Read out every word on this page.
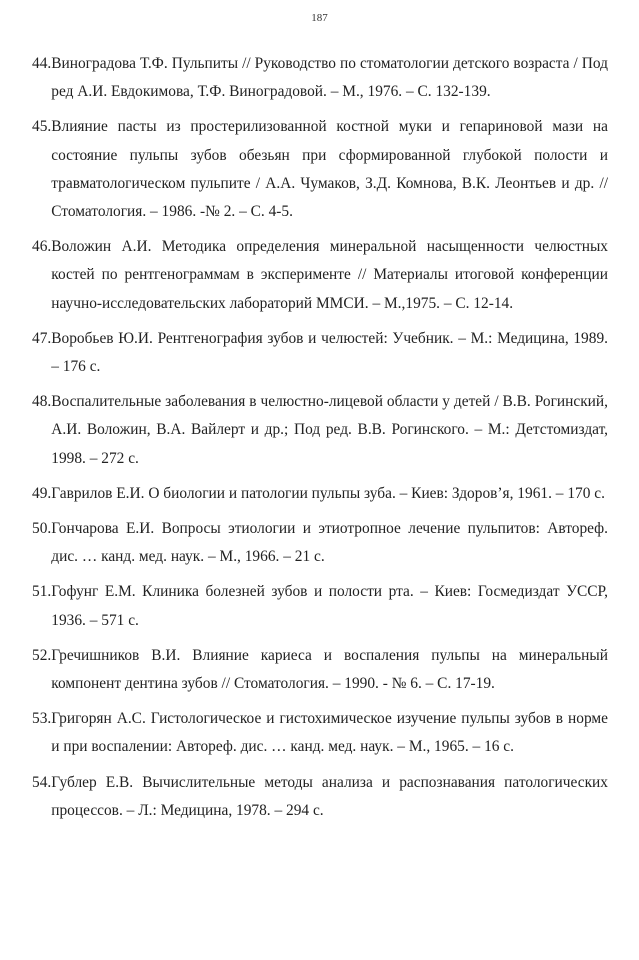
187
44. Виноградова Т.Ф. Пульпиты // Руководство по стоматологии детского возраста / Под ред А.И. Евдокимова, Т.Ф. Виноградовой. – М., 1976. – С. 132-139.
45. Влияние пасты из простерилизованной костной муки и гепариновой мази на состояние пульпы зубов обезьян при сформированной глубокой полости и травматологическом пульпите / А.А. Чумаков, З.Д. Комнова, В.К. Леонтьев и др. // Стоматология. – 1986. -№ 2. – С. 4-5.
46. Воложин А.И. Методика определения минеральной насыщенности челюстных костей по рентгенограммам в эксперименте // Материалы итоговой конференции научно-исследовательских лабораторий ММСИ. – М.,1975. – С. 12-14.
47. Воробьев Ю.И. Рентгенография зубов и челюстей: Учебник. – М.: Медицина, 1989. – 176 с.
48. Воспалительные заболевания в челюстно-лицевой области у детей / В.В. Рогинский, А.И. Воложин, В.А. Вайлерт и др.; Под ред. В.В. Рогинского. – М.: Детстомиздат, 1998. – 272 с.
49. Гаврилов Е.И. О биологии и патологии пульпы зуба. – Киев: Здоров’я, 1961. – 170 с.
50. Гончарова Е.И. Вопросы этиологии и этиотропное лечение пульпитов: Автореф. дис. … канд. мед. наук. – М., 1966. – 21 с.
51. Гофунг Е.М. Клиника болезней зубов и полости рта. – Киев: Госмедиздат УССР, 1936. – 571 с.
52. Гречишников В.И. Влияние кариеса и воспаления пульпы на минеральный компонент дентина зубов // Стоматология. – 1990. - № 6. – С. 17-19.
53. Григорян А.С. Гистологическое и гистохимическое изучение пульпы зубов в норме и при воспалении: Автореф. дис. … канд. мед. наук. – М., 1965. – 16 с.
54. Гублер Е.В. Вычислительные методы анализа и распознавания патологических процессов. – Л.: Медицина, 1978. – 294 с.
